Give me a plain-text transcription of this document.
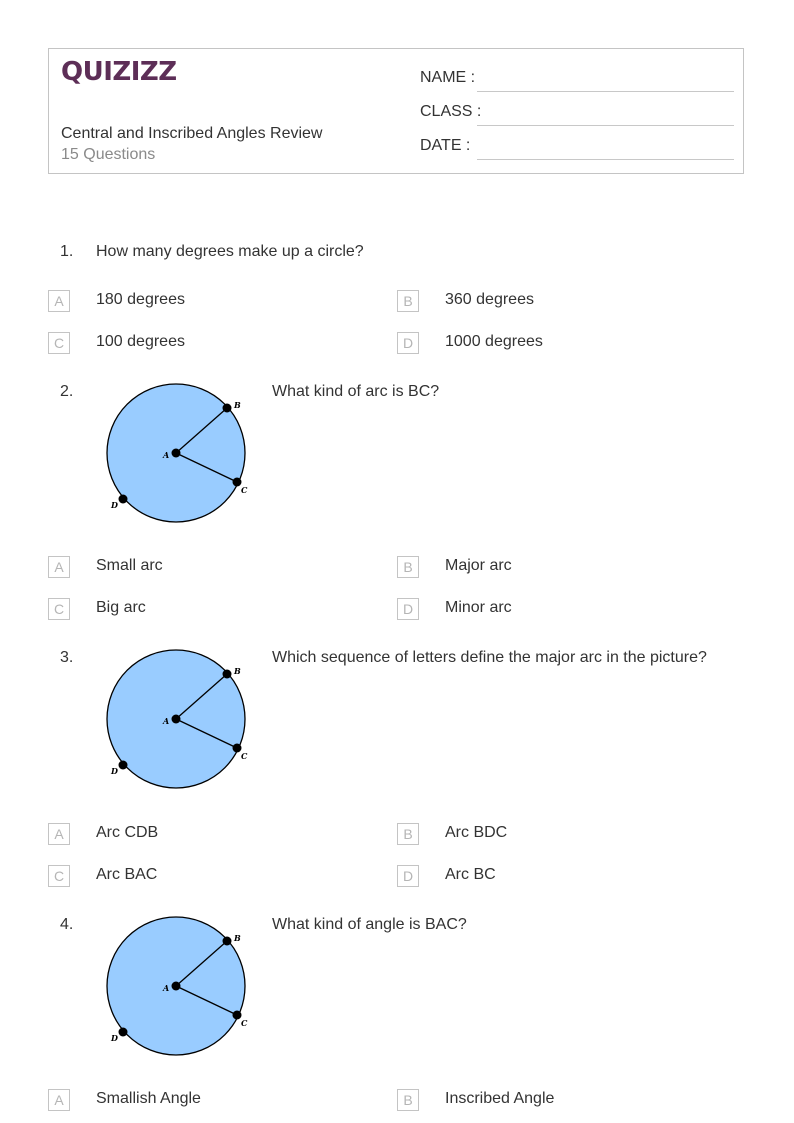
QUIZIZZ
Central and Inscribed Angles Review
15 Questions
NAME :
CLASS :
DATE :
1. How many degrees make up a circle?
A	180 degrees	B	360 degrees
C	100 degrees	D	1000 degrees
2.
A
B
C
D
What kind of arc is BC?
A	Small arc	B	Major arc
C	Big arc	D	Minor arc
3.
A
B
C
D
Which sequence of letters define the major arc in the picture?
A	Arc CDB	B	Arc BDC
C	Arc BAC	D	Arc BC
4.
A
B
C
D
What kind of angle is BAC?
A	Smallish Angle	B	Inscribed Angle
